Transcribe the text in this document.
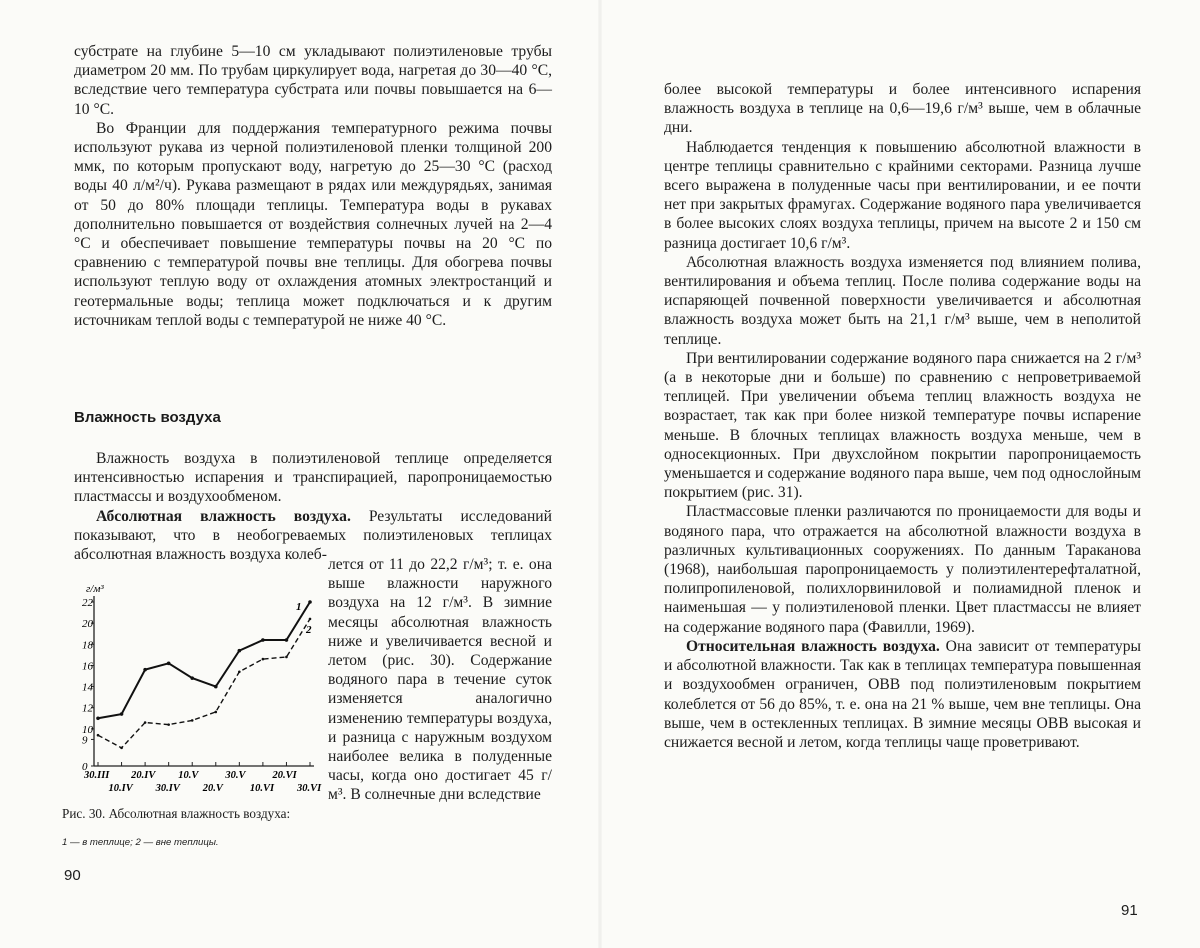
субстрате на глубине 5—10 см укладывают полиэтиленовые трубы диаметром 20 мм. По трубам циркулирует вода, нагретая до 30—40 °С, вследствие чего температура субстрата или почвы повышается на 6—10 °С.

Во Франции для поддержания температурного режима почвы используют рукава из черной полиэтиленовой пленки толщиной 200 ммк, по которым пропускают воду, нагретую до 25—30 °С (расход воды 40 л/м²/ч). Рукава размещают в рядах или междурядьях, занимая от 50 до 80% площади теплицы. Температура воды в рукавах дополнительно повышается от воздействия солнечных лучей на 2—4 °С и обеспечивает повышение температуры почвы на 20 °С по сравнению с температурой почвы вне теплицы. Для обогрева почвы используют теплую воду от охлаждения атомных электростанций и геотермальные воды; теплица может подключаться и к другим источникам теплой воды с температурой не ниже 40 °С.

Влажность воздуха

Влажность воздуха в полиэтиленовой теплице определяется интенсивностью испарения и транспирацией, паропроницаемостью пластмассы и воздухообменом.

Абсолютная влажность воздуха. Результаты исследований показывают, что в необогреваемых полиэтиленовых теплицах абсолютная влажность воздуха колеб-

лется от 11 до 22,2 г/м³; т. е. она выше влажности наружного воздуха на 12 г/м³. В зимние месяцы абсолютная влажность ниже и увеличивается весной и летом (рис. 30). Содержание водяного пара в течение суток изменяется аналогично изменению температуры воздуха, и разница с наружным воздухом наиболее велика в полуденные часы, когда оно достигает 45 г/м³. В солнечные дни вследствие

г/м³
22
20
18
16
14
12
10
9
0
30.III 20.IV 10.V	30.V	20.VI
10.IV 30.IV 20.V	10.VI 30.VI
1
2
Рис. 30. Абсолютная влажность воздуха:
1 — в теплице; 2 — вне теплицы.
90

более высокой температуры и более интенсивного испарения влажность воздуха в теплице на 0,6—19,6 г/м³ выше, чем в облачные дни.

Наблюдается тенденция к повышению абсолютной влажности в центре теплицы сравнительно с крайними секторами. Разница лучше всего выражена в полуденные часы при вентилировании, и ее почти нет при закрытых фрамугах. Содержание водяного пара увеличивается в более высоких слоях воздуха теплицы, причем на высоте 2 и 150 см разница достигает 10,6 г/м³.

Абсолютная влажность воздуха изменяется под влиянием полива, вентилирования и объема теплиц. После полива содержание воды на испаряющей почвенной поверхности увеличивается и абсолютная влажность воздуха может быть на 21,1 г/м³ выше, чем в неполитой теплице.

При вентилировании содержание водяного пара снижается на 2 г/м³ (а в некоторые дни и больше) по сравнению с непроветриваемой теплицей. При увеличении объема теплиц влажность воздуха не возрастает, так как при более низкой температуре почвы испарение меньше. В блочных теплицах влажность воздуха меньше, чем в односекционных. При двухслойном покрытии паропроницаемость уменьшается и содержание водяного пара выше, чем под однослойным покрытием (рис. 31).

Пластмассовые пленки различаются по проницаемости для воды и водяного пара, что отражается на абсолютной влажности воздуха в различных культивационных сооружениях. По данным Тараканова (1968), наибольшая паропроницаемость у полиэтилентерефталатной, полипропиленовой, полихлорвиниловой и полиамидной пленок и наименьшая — у полиэтиленовой пленки. Цвет пластмассы не влияет на содержание водяного пара (Фавилли, 1969).

Относительная влажность воздуха. Она зависит от температуры и абсолютной влажности. Так как в теплицах температура повышенная и воздухообмен ограничен, ОВВ под полиэтиленовым покрытием колеблется от 56 до 85%, т. е. она на 21 % выше, чем вне теплицы. Она выше, чем в остекленных теплицах. В зимние месяцы ОВВ высокая и снижается весной и летом, когда теплицы чаще проветривают.

91
